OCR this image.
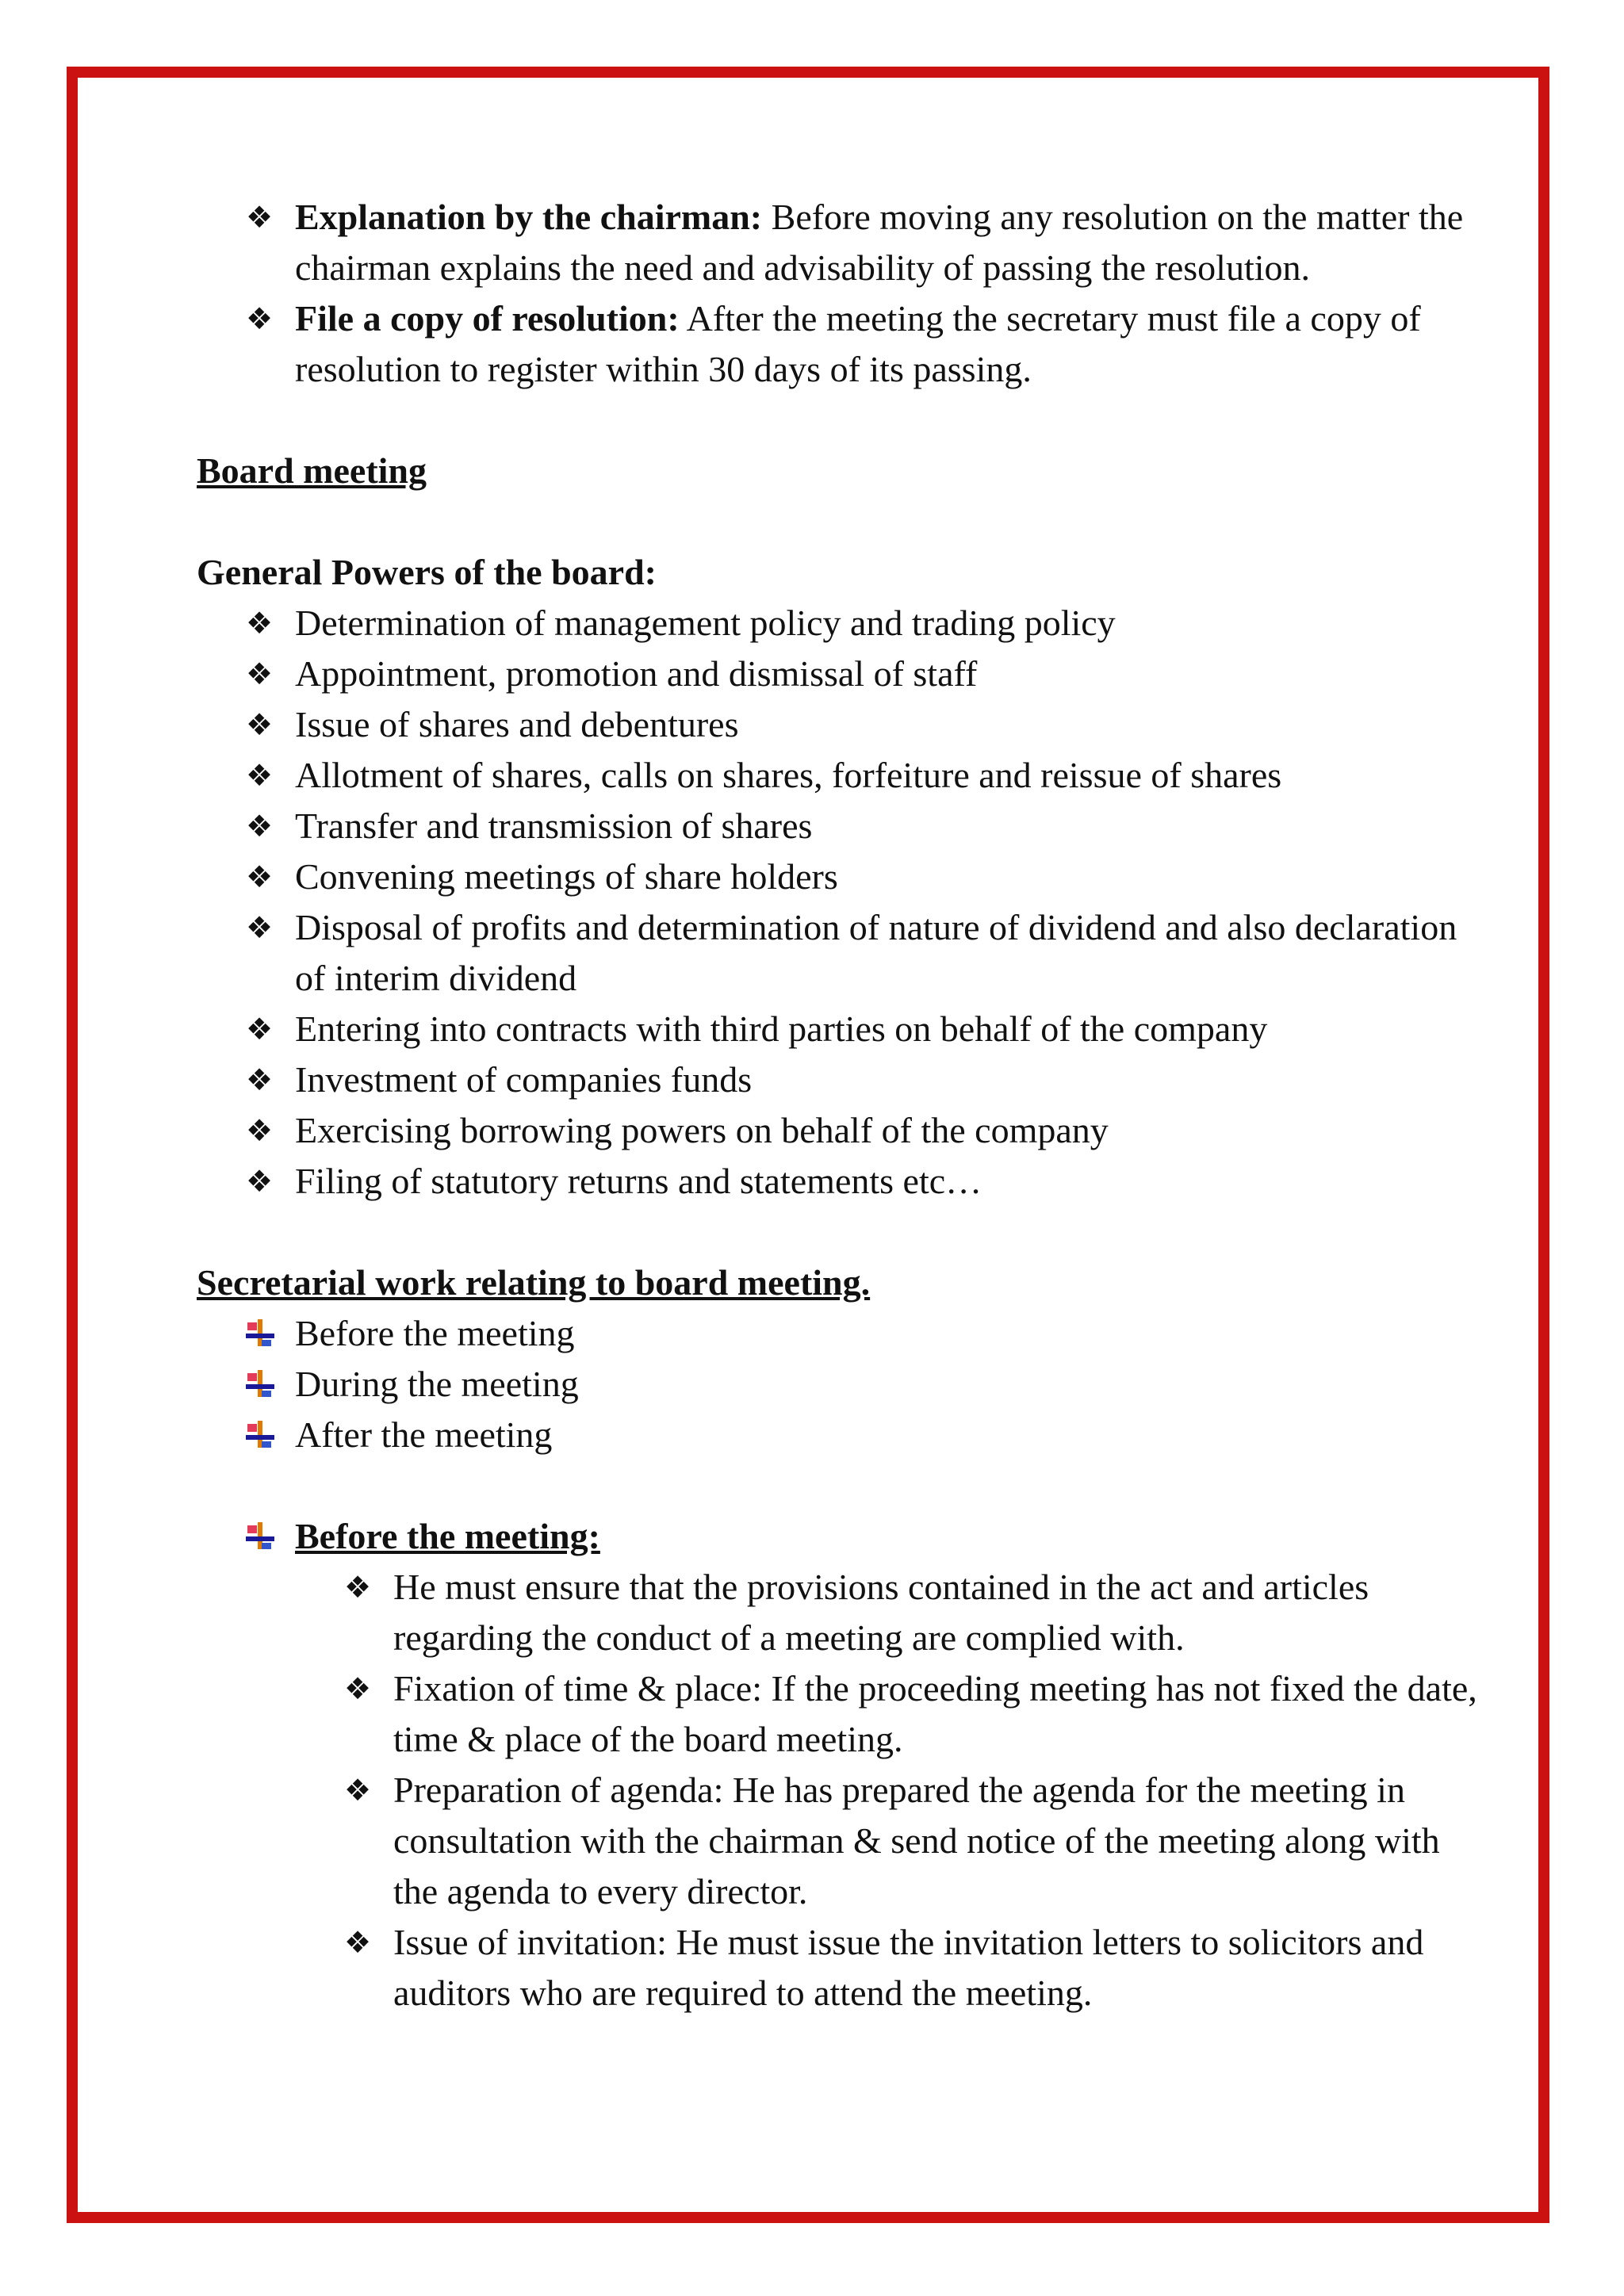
❖ Explanation by the chairman: Before moving any resolution on the matter the chairman explains the need and advisability of passing the resolution.
❖ File a copy of resolution: After the meeting the secretary must file a copy of resolution to register within 30 days of its passing.
Board meeting
General Powers of the board:
❖ Determination of management policy and trading policy
❖ Appointment, promotion and dismissal of staff
❖ Issue of shares and debentures
❖ Allotment of shares, calls on shares, forfeiture and reissue of shares
❖ Transfer and transmission of shares
❖ Convening meetings of share holders
❖ Disposal of profits and determination of nature of dividend and also declaration of interim dividend
❖ Entering into contracts with third parties on behalf of the company
❖ Investment of companies funds
❖ Exercising borrowing powers on behalf of the company
❖ Filing of statutory returns and statements etc…
Secretarial work relating to board meeting.
Before the meeting
During the meeting
After the meeting
Before the meeting:
❖ He must ensure that the provisions contained in the act and articles regarding the conduct of a meeting are complied with.
❖ Fixation of time & place: If the proceeding meeting has not fixed the date, time & place of the board meeting.
❖ Preparation of agenda: He has prepared the agenda for the meeting in consultation with the chairman & send notice of the meeting along with the agenda to every director.
❖ Issue of invitation: He must issue the invitation letters to solicitors and auditors who are required to attend the meeting.
